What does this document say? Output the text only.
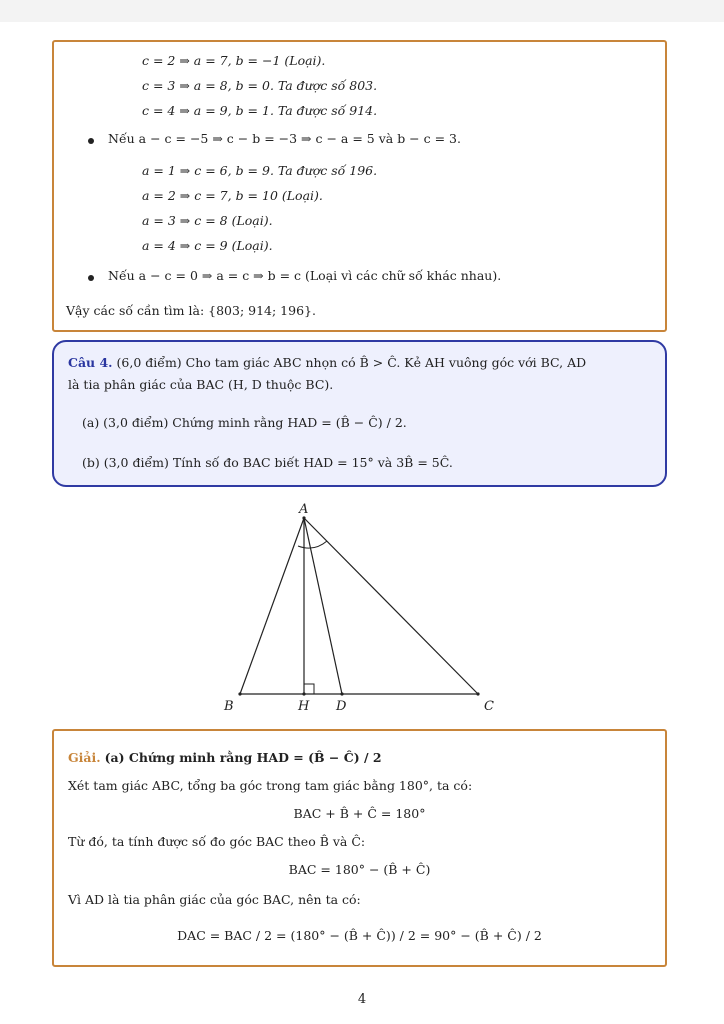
c = 2 ⇒ a = 7, b = −1 (Loại).
c = 3 ⇒ a = 8, b = 0. Ta được số 803.
c = 4 ⇒ a = 9, b = 1. Ta được số 914.
Nếu a − c = −5 ⇒ c − b = −3 ⇒ c − a = 5 và b − c = 3.
a = 1 ⇒ c = 6, b = 9. Ta được số 196.
a = 2 ⇒ c = 7, b = 10 (Loại).
a = 3 ⇒ c = 8 (Loại).
a = 4 ⇒ c = 9 (Loại).
Nếu a − c = 0 ⇒ a = c ⇒ b = c (Loại vì các chữ số khác nhau).
Vậy các số cần tìm là: {803; 914; 196}.
Câu 4. (6,0 điểm) Cho tam giác ABC nhọn có B̂ > Ĉ. Kẻ AH vuông góc với BC, AD
là tia phân giác của BAC (H, D thuộc BC).
(a) (3,0 điểm) Chứng minh rằng HAD = (B̂ − Ĉ) / 2.
(b) (3,0 điểm) Tính số đo BAC biết HAD = 15° và 3B̂ = 5Ĉ.
A
B	H D	C
Giải. (a) Chứng minh rằng HAD = (B̂ − Ĉ) / 2
Xét tam giác ABC, tổng ba góc trong tam giác bằng 180°, ta có:
BAC + B̂ + Ĉ = 180°
Từ đó, ta tính được số đo góc BAC theo B̂ và Ĉ:
BAC = 180° − (B̂ + Ĉ)
Vì AD là tia phân giác của góc BAC, nên ta có:
DAC = BAC / 2 = (180° − (B̂ + Ĉ)) / 2 = 90° − (B̂ + Ĉ) / 2
4
